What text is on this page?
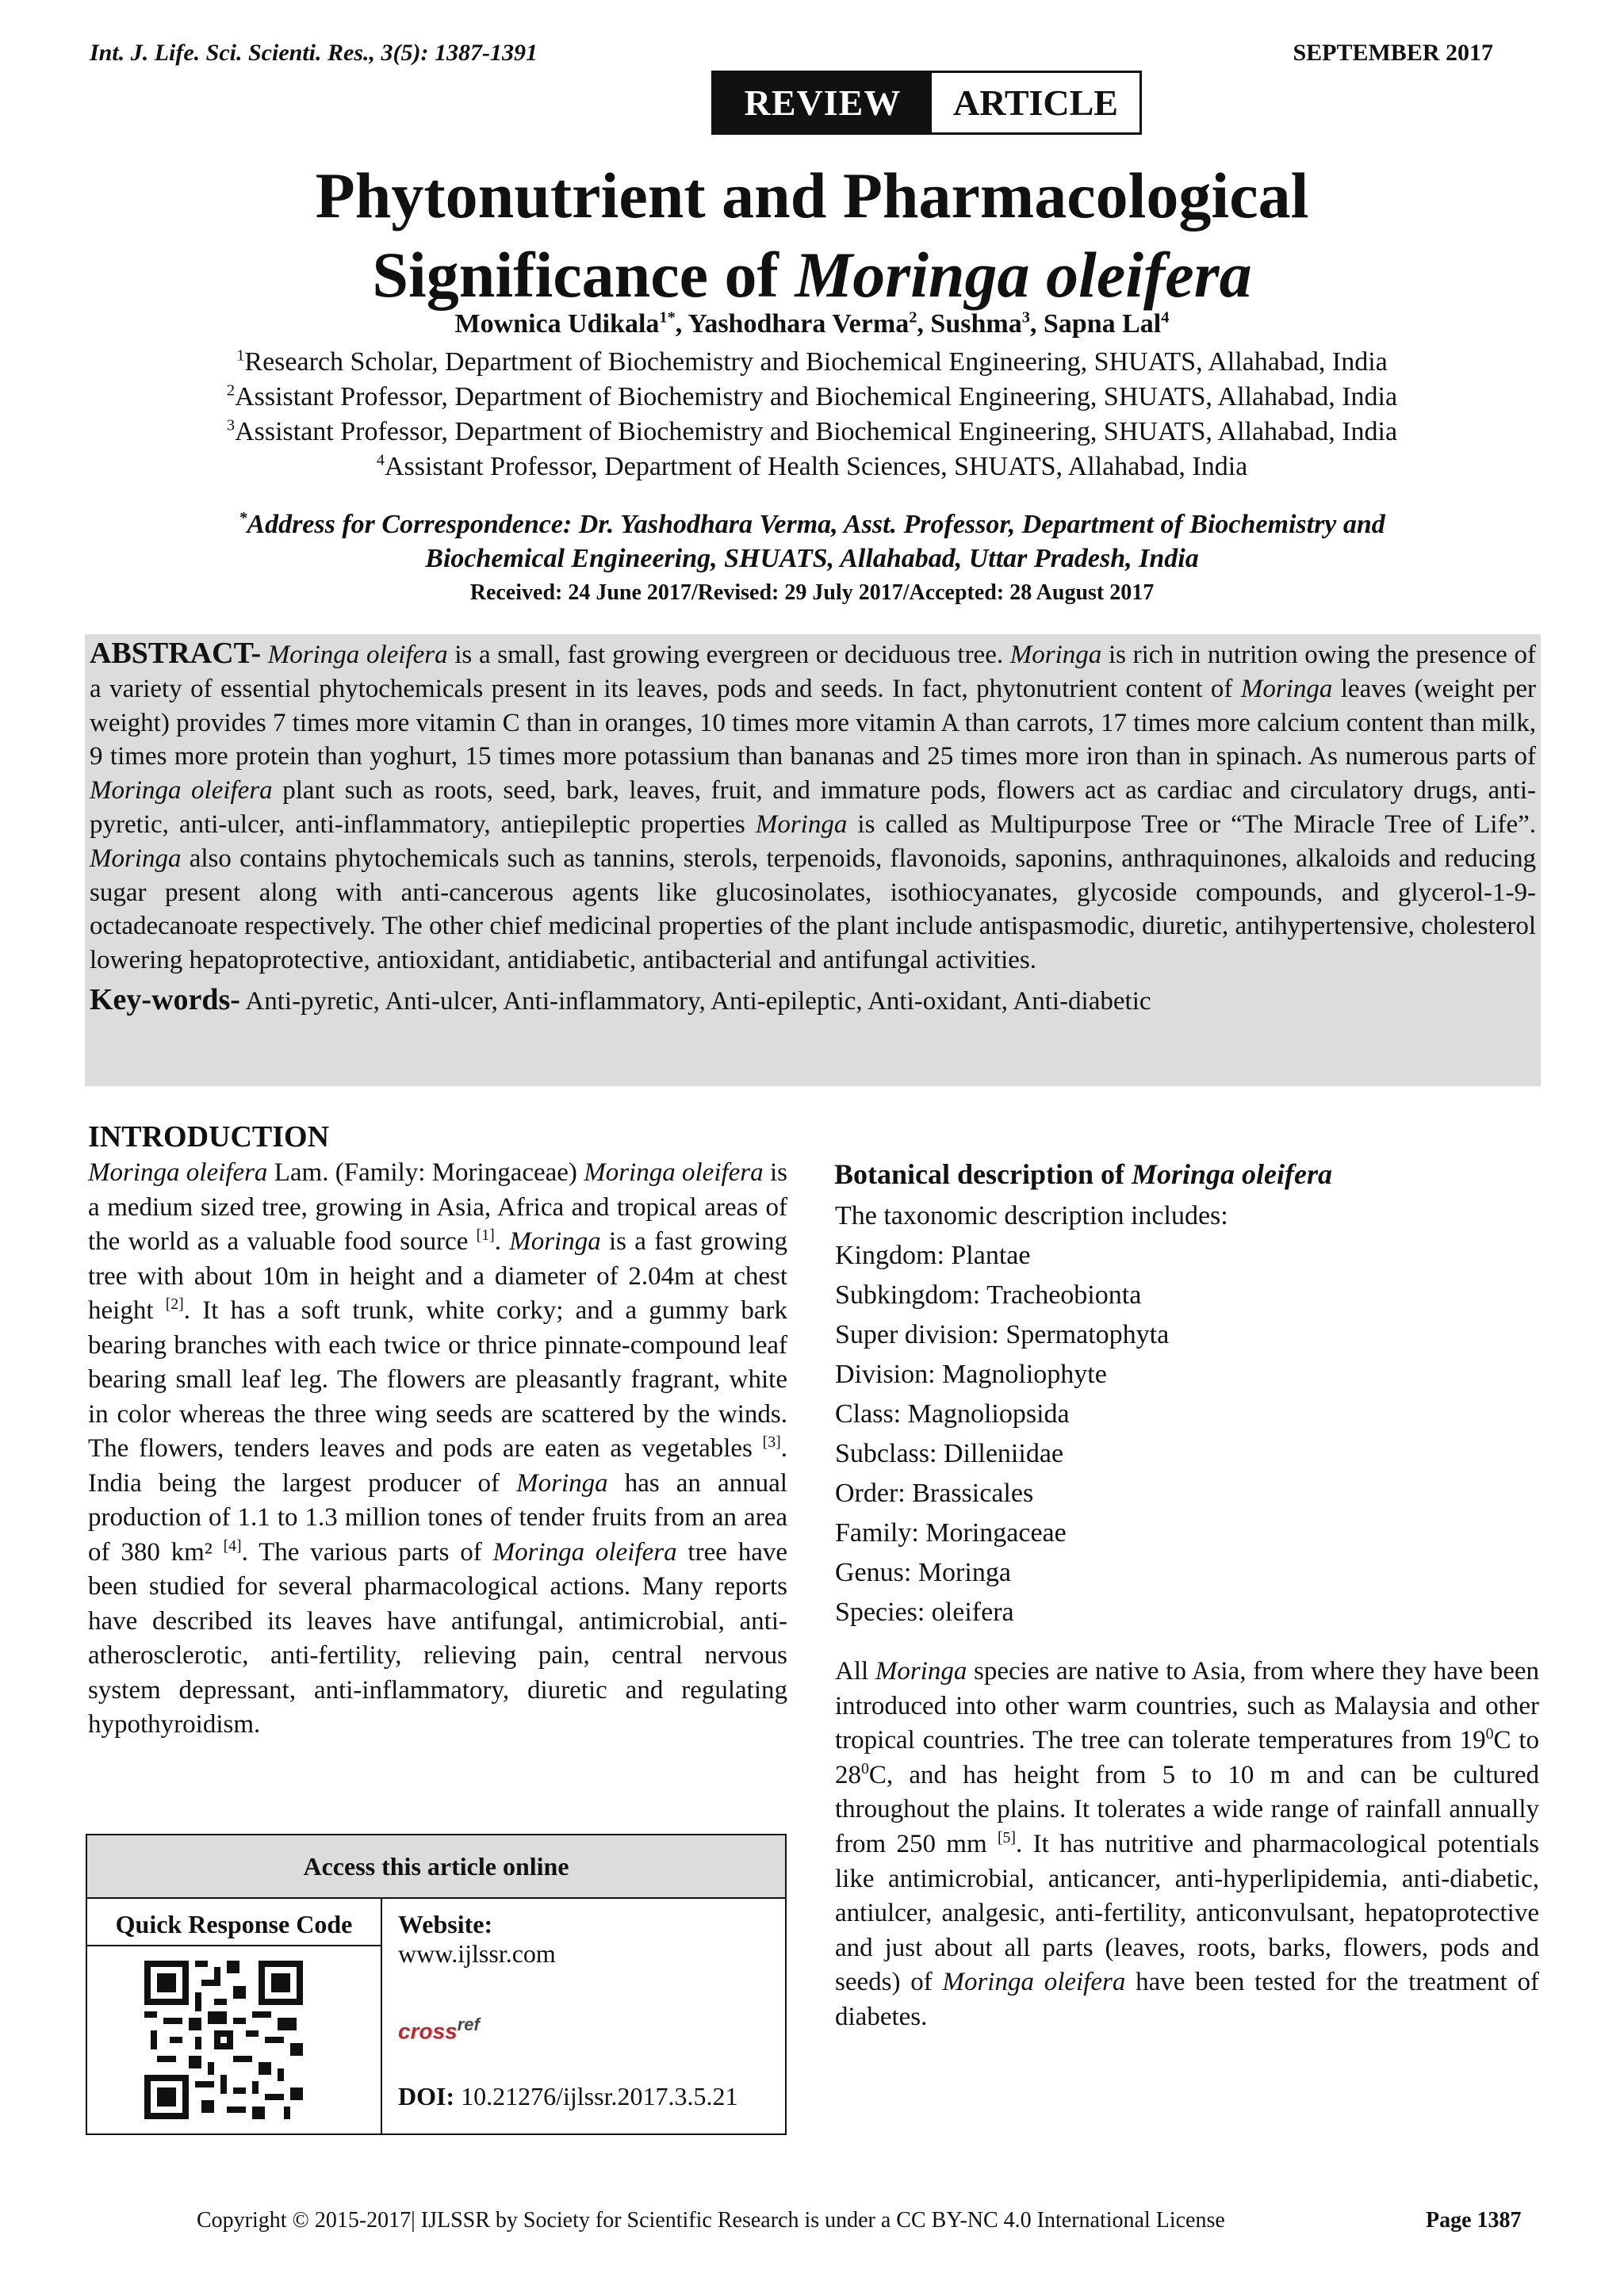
Int. J. Life. Sci. Scienti. Res., 3(5): 1387-1391	SEPTEMBER 2017
REVIEW	ARTICLE
Phytonutrient and Pharmacological
Significance of Moringa oleifera
Mownica Udikala$^{1*}$, Yashodhara Verma$^2$, Sushma$^3$, Sapna Lal$^4$
$^1$Research Scholar, Department of Biochemistry and Biochemical Engineering, SHUATS, Allahabad, India
$^2$Assistant Professor, Department of Biochemistry and Biochemical Engineering, SHUATS, Allahabad, India
$^3$Assistant Professor, Department of Biochemistry and Biochemical Engineering, SHUATS, Allahabad, India
$^4$Assistant Professor, Department of Health Sciences, SHUATS, Allahabad, India
*Address for Correspondence: Dr. Yashodhara Verma, Asst. Professor, Department of Biochemistry and
Biochemical Engineering, SHUATS, Allahabad, Uttar Pradesh, India
Received: 24 June 2017/Revised: 29 July 2017/Accepted: 28 August 2017
ABSTRACT- Moringa oleifera is a small, fast growing evergreen or deciduous tree. Moringa is rich in nutrition owing the presence of a variety of essential phytochemicals present in its leaves, pods and seeds. In fact, phytonutrient content of Moringa leaves (weight per weight) provides 7 times more vitamin C than in oranges, 10 times more vitamin A than carrots, 17 times more calcium content than milk, 9 times more protein than yoghurt, 15 times more potassium than bananas and 25 times more iron than in spinach. As numerous parts of Moringa oleifera plant such as roots, seed, bark, leaves, fruit, and immature pods, flowers act as cardiac and circulatory drugs, anti-pyretic, anti-ulcer, anti-inflammatory, antiepileptic properties Moringa is called as Multipurpose Tree or “The Miracle Tree of Life”. Moringa also contains phytochemicals such as tannins, sterols, terpenoids, flavonoids, saponins, anthraquinones, alkaloids and reducing sugar present along with anti-cancerous agents like glucosinolates, isothiocyanates, glycoside compounds, and glycerol-1-9-octadecanoate respectively. The other chief medicinal properties of the plant include antispasmodic, diuretic, antihypertensive, cholesterol lowering hepatoprotective, antioxidant, antidiabetic, antibacterial and antifungal activities.
Key-words- Anti-pyretic, Anti-ulcer, Anti-inflammatory, Anti-epileptic, Anti-oxidant, Anti-diabetic
INTRODUCTION
Moringa oleifera Lam. (Family: Moringaceae) Moringa oleifera is a medium sized tree, growing in Asia, Africa and tropical areas of the world as a valuable food source [1]. Moringa is a fast growing tree with about 10m in height and a diameter of 2.04m at chest height [2]. It has a soft trunk, white corky; and a gummy bark bearing branches with each twice or thrice pinnate-compound leaf bearing small leaf leg. The flowers are pleasantly fragrant, white in color whereas the three wing seeds are scattered by the winds. The flowers, tenders leaves and pods are eaten as vegetables [3]. India being the largest producer of Moringa has an annual production of 1.1 to 1.3 million tones of tender fruits from an area of 380 km² [4]. The various parts of Moringa oleifera tree have been studied for several pharmacological actions. Many reports have described its leaves have antifungal, antimicrobial, anti-atherosclerotic, anti-fertility, relieving pain, central nervous system depressant, anti-inflammatory, diuretic and regulating hypothyroidism.
Access this article online
Quick Response Code	Website:
www.ijlssr.com
cross$^{ref}$
DOI: 10.21276/ijlssr.2017.3.5.21
Botanical description of Moringa oleifera
The taxonomic description includes:
Kingdom: Plantae
Subkingdom: Tracheobionta
Super division: Spermatophyta
Division: Magnoliophyte
Class: Magnoliopsida
Subclass: Dilleniidae
Order: Brassicales
Family: Moringaceae
Genus: Moringa
Species: oleifera
All Moringa species are native to Asia, from where they have been introduced into other warm countries, such as Malaysia and other tropical countries. The tree can tolerate temperatures from $19^0C$ to $28^0C$, and has height from 5 to 10 m and can be cultured throughout the plains. It tolerates a wide range of rainfall annually from 250 mm [5]. It has nutritive and pharmacological potentials like antimicrobial, anticancer, anti-hyperlipidemia, anti-diabetic, antiulcer, analgesic, anti-fertility, anticonvulsant, hepatoprotective and just about all parts (leaves, roots, barks, flowers, pods and seeds) of Moringa oleifera have been tested for the treatment of diabetes.
Copyright © 2015-2017| IJLSSR by Society for Scientific Research is under a CC BY-NC 4.0 International License	Page 1387
